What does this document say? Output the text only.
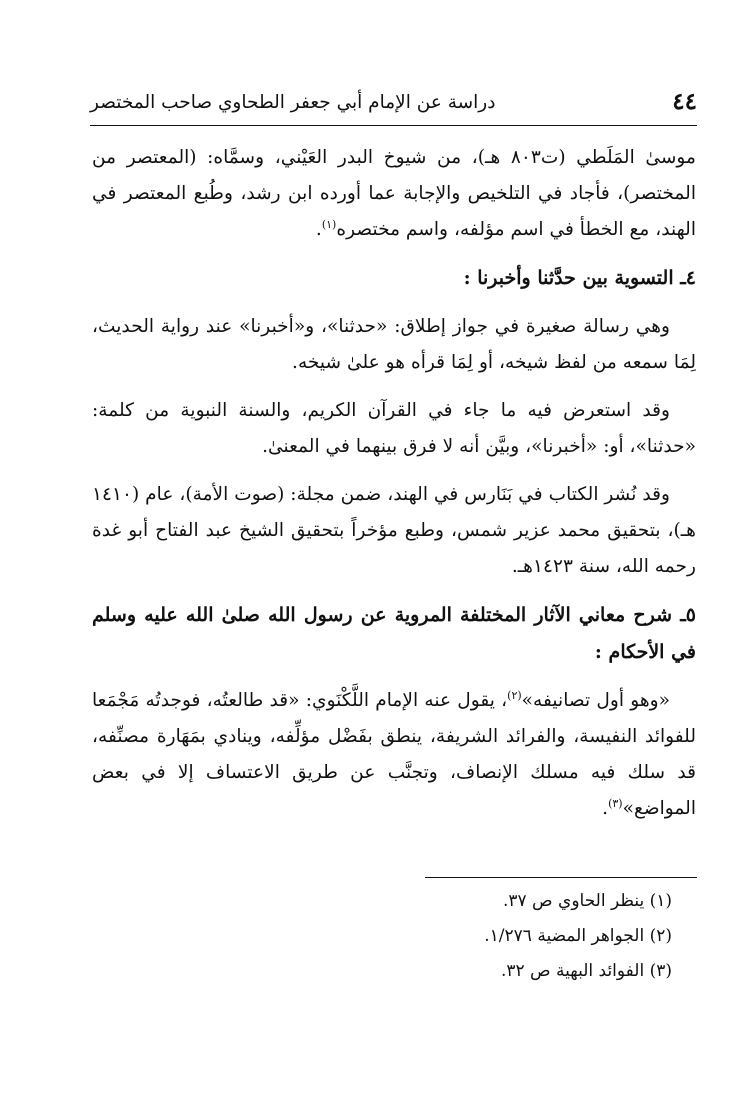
٤٤
دراسة عن الإمام أبي جعفر الطحاوي صاحب المختصر

موسىٰ المَلَطي (ت٨٠٣ هـ)، من شيوخ البدر العَيْني، وسمَّاه: (المعتصر من المختصر)، فأجاد في التلخيص والإجابة عما أورده ابن رشد، وطُبع المعتصر في الهند، مع الخطأ في اسم مؤلفه، واسم مختصره$^{(١)}$.

٤ـ التسوية بين حدَّثنا وأخبرنا :

وهي رسالة صغيرة في جواز إطلاق: «حدثنا»، و«أخبرنا» عند رواية الحديث، لِمَا سمعه من لفظ شيخه، أو لِمَا قرأه هو علىٰ شيخه.

وقد استعرض فيه ما جاء في القرآن الكريم، والسنة النبوية من كلمة: «حدثنا»، أو: «أخبرنا»، وبيَّن أنه لا فرق بينهما في المعنىٰ.

وقد نُشر الكتاب في بَنَارس في الهند، ضمن مجلة: (صوت الأمة)، عام (١٤١٠ هـ)، بتحقيق محمد عزير شمس، وطبع مؤخراً بتحقيق الشيخ عبد الفتاح أبو غدة رحمه الله، سنة ١٤٢٣هـ.

٥ـ شرح معاني الآثار المختلفة المروية عن رسول الله صلىٰ الله عليه وسلم في الأحكام :

«وهو أول تصانيفه»$^{(٢)}$، يقول عنه الإمام اللَّكْنَوي: «قد طالعتُه، فوجدتُه مَجْمَعا للفوائد النفيسة، والفرائد الشريفة، ينطق بفَضْل مؤلِّفه، وينادي بمَهَارة مصنِّفه، قد سلك فيه مسلك الإنصاف، وتجنَّب عن طريق الاعتساف إلا في بعض المواضع»$^{(٣)}$.

(١) ينظر الحاوي ص ٣٧.
(٢) الجواهر المضية ١/٢٧٦.
(٣) الفوائد البهية ص ٣٢.
